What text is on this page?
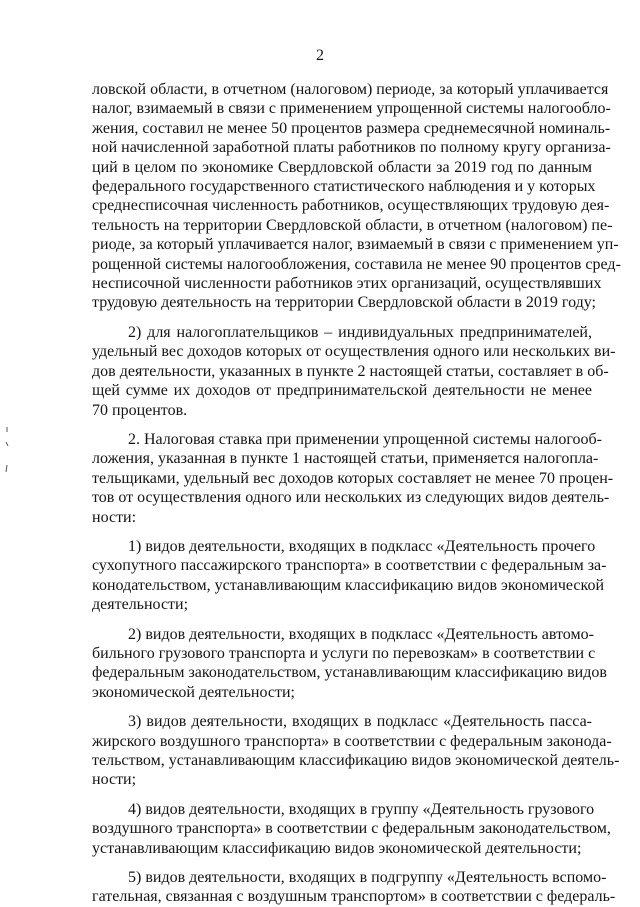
2
ловской области, в отчетном (налоговом) периоде, за который уплачивается
налог, взимаемый в связи с применением упрощенной системы налогообло-
жения, составил не менее 50 процентов размера среднемесячной номиналь-
ной начисленной заработной платы работников по полному кругу организа-
ций в целом по экономике Свердловской области за 2019 год по данным
федерального государственного статистического наблюдения и у которых
среднесписочная численность работников, осуществляющих трудовую дея-
тельность на территории Свердловской области, в отчетном (налоговом) пе-
риоде, за который уплачивается налог, взимаемый в связи с применением уп-
рощенной системы налогообложения, составила не менее 90 процентов сред-
несписочной численности работников этих организаций, осуществлявших
трудовую деятельность на территории Свердловской области в 2019 году;
2) для налогоплательщиков – индивидуальных предпринимателей,
удельный вес доходов которых от осуществления одного или нескольких ви-
дов деятельности, указанных в пункте 2 настоящей статьи, составляет в об-
щей сумме их доходов от предпринимательской деятельности не менее
70 процентов.
2. Налоговая ставка при применении упрощенной системы налогооб-
ложения, указанная в пункте 1 настоящей статьи, применяется налогопла-
тельщиками, удельный вес доходов которых составляет не менее 70 процен-
тов от осуществления одного или нескольких из следующих видов деятель-
ности:
1) видов деятельности, входящих в подкласс «Деятельность прочего
сухопутного пассажирского транспорта» в соответствии с федеральным за-
конодательством, устанавливающим классификацию видов экономической
деятельности;
2) видов деятельности, входящих в подкласс «Деятельность автомо-
бильного грузового транспорта и услуги по перевозкам» в соответствии с
федеральным законодательством, устанавливающим классификацию видов
экономической деятельности;
3) видов деятельности, входящих в подкласс «Деятельность пасса-
жирского воздушного транспорта» в соответствии с федеральным законода-
тельством, устанавливающим классификацию видов экономической деятель-
ности;
4) видов деятельности, входящих в группу «Деятельность грузового
воздушного транспорта» в соответствии с федеральным законодательством,
устанавливающим классификацию видов экономической деятельности;
5) видов деятельности, входящих в подгруппу «Деятельность вспомо-
гательная, связанная с воздушным транспортом» в соответствии с федераль-
